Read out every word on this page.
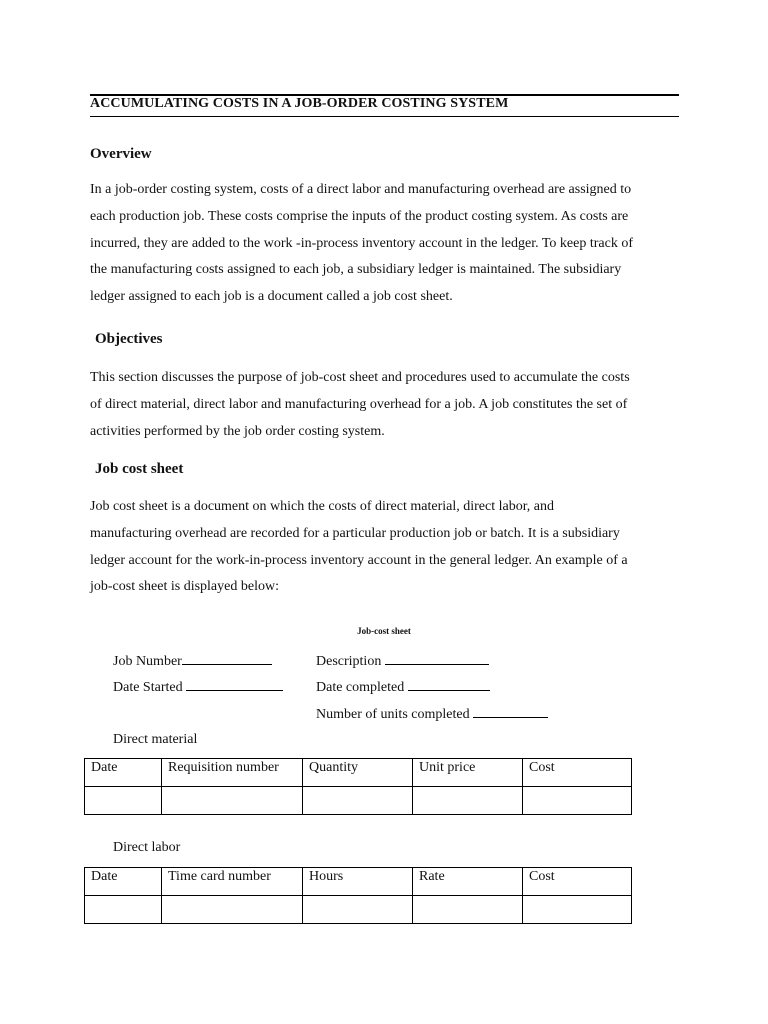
ACCUMULATING COSTS IN A JOB-ORDER COSTING SYSTEM
Overview
In a job-order costing system, costs of a direct labor and manufacturing overhead are assigned to
each production job. These costs comprise the inputs of the product costing system. As costs are
incurred, they are added to the work -in-process inventory account in the ledger. To keep track of
the manufacturing costs assigned to each job, a subsidiary ledger is maintained. The subsidiary
ledger assigned to each job is a document called a job cost sheet.
Objectives
This section discusses the purpose of job-cost sheet and procedures used to accumulate the costs
of direct material, direct labor and manufacturing overhead for a job. A job constitutes the set of
activities performed by the job order costing system.
Job cost sheet
Job cost sheet is a document on which the costs of direct material, direct labor, and
manufacturing overhead are recorded for a particular production job or batch. It is a subsidiary
ledger account for the work-in-process inventory account in the general ledger. An example of a
job-cost sheet is displayed below:
Job-cost sheet
Job Number	Description
Date Started	Date completed
Number of units completed
Direct material
Date	Requisition number	Quantity	Unit price	Cost

Direct labor
Date	Time card number	Hours	Rate	Cost
